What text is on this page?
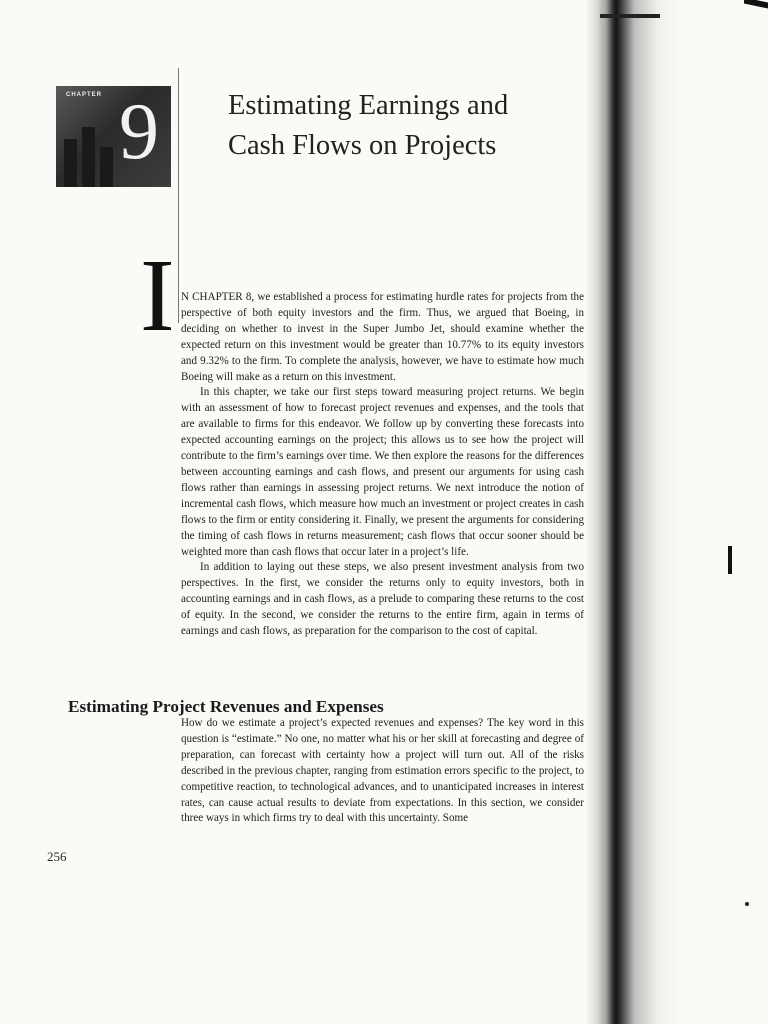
CHAPTER 9 Estimating Earnings and
Cash Flows on Projects
I N CHAPTER 8, we established a process for estimating hurdle rates for projects from the perspective of both equity investors and the firm. Thus, we argued that Boeing, in deciding on whether to invest in the Super Jumbo Jet, should examine whether the expected return on this investment would be greater than 10.77% to its equity investors and 9.32% to the firm. To complete the analysis, however, we have to estimate how much Boeing will make as a return on this investment.

In this chapter, we take our first steps toward measuring project returns. We begin with an assessment of how to forecast project revenues and expenses, and the tools that are available to firms for this endeavor. We follow up by converting these forecasts into expected accounting earnings on the project; this allows us to see how the project will contribute to the firm’s earnings over time. We then explore the reasons for the differences between accounting earnings and cash flows, and present our arguments for using cash flows rather than earnings in assessing project returns. We next introduce the notion of incremental cash flows, which measure how much an investment or project creates in cash flows to the firm or entity considering it. Finally, we present the arguments for considering the timing of cash flows in returns measurement; cash flows that occur sooner should be weighted more than cash flows that occur later in a project’s life.

In addition to laying out these steps, we also present investment analysis from two perspectives. In the first, we consider the returns only to equity investors, both in accounting earnings and in cash flows, as a prelude to comparing these returns to the cost of equity. In the second, we consider the returns to the entire firm, again in terms of earnings and cash flows, as preparation for the comparison to the cost of capital.

Estimating Project Revenues and Expenses

How do we estimate a project’s expected revenues and expenses? The key word in this question is “estimate.” No one, no matter what his or her skill at forecasting and degree of preparation, can forecast with certainty how a project will turn out. All of the risks described in the previous chapter, ranging from estimation errors specific to the project, to competitive reaction, to technological advances, and to unanticipated increases in interest rates, can cause actual results to deviate from expectations. In this section, we consider three ways in which firms try to deal with this uncertainty. Some

256
